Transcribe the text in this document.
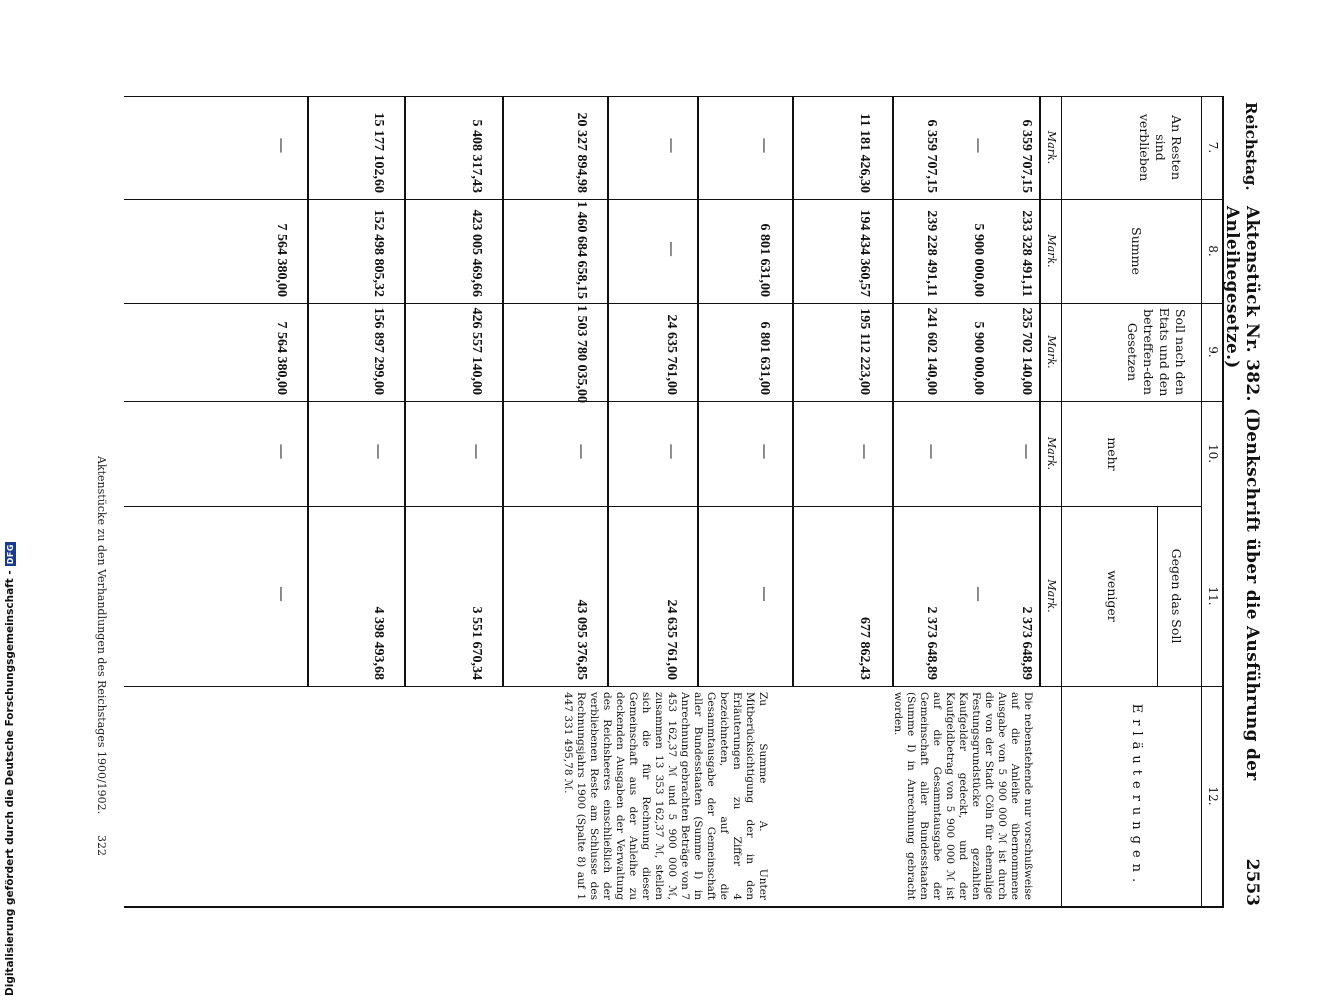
Reichstag.
Aktenstück Nr. 382. (Denkschrift über die Ausführung der Anleihegesetze.)
2553
7.
8.
9.
10.
11.
12.
An Resten sind verblieben
Summe
Soll nach den Etats und den betreffen-den Gesetzen
Gegen das Soll
mehr
weniger
Erläuterungen.
Mark.
Mark.
Mark.
Mark.
Mark.
6 359 707,15
233 328 491,11
235 702 140,00
—
2 373 648,89
—
5 900 000,00
5 900 000,00
—
6 359 707,15
239 228 491,11
241 602 140,00
—
2 373 648,89
11 181 426,30
194 434 360,57
195 112 223,00
—
677 862,43
—
6 801 631,00
6 801 631,00
—
—
—
—
24 635 761,00
—
24 635 761,00
20 327 894,98
1 460 684 658,15
1 503 780 035,00
—
43 095 376,85
5 408 317,43
423 005 469,66
426 557 140,00
—
3 551 670,34
15 177 102,60
152 498 805,32
156 897 299,00
—
4 398 493,68
—
7 564 380,00
7 564 380,00
—
—
Die nebenstehende nur vorschußweise auf die Anleihe übernommene Ausgabe von 5 900 000 ℳ ist durch die von der Stadt Cöln für ehemalige Festungsgrundstücke gezahlten Kaufgelder gedeckt, und der Kaufgeldbetrag von 5 900 000 ℳ ist auf die Gesammtausgabe der Gemeinschaft aller Bundesstaaten (Summe I) in Anrechnung gebracht worden.
Zu Summe A. Unter Mitberücksichtigung der in den Erläuterungen zu Ziffer 4 bezeichneten, auf die Gesammtausgabe der Gemeinschaft aller Bundesstaaten (Summe I) in Anrechnung gebrachten Beträge von 7 453 162,37 ℳ und 5 900 000 ℳ, zusammen 13 353 162,37 ℳ, stellen sich die für Rechnung dieser Gemeinschaft aus der Anleihe zu deckenden Ausgaben der Verwaltung des Reichsheeres einschließlich der verbliebenen Reste am Schlusse des Rechnungsjahrs 1900 (Spalte 8) auf 1 447 331 495,78 ℳ.
Aktenstücke zu den Verhandlungen des Reichstages 1900/1902.
322
Digitalisierung gefördert durch die Deutsche Forschungsgemeinschaft -
DFG
